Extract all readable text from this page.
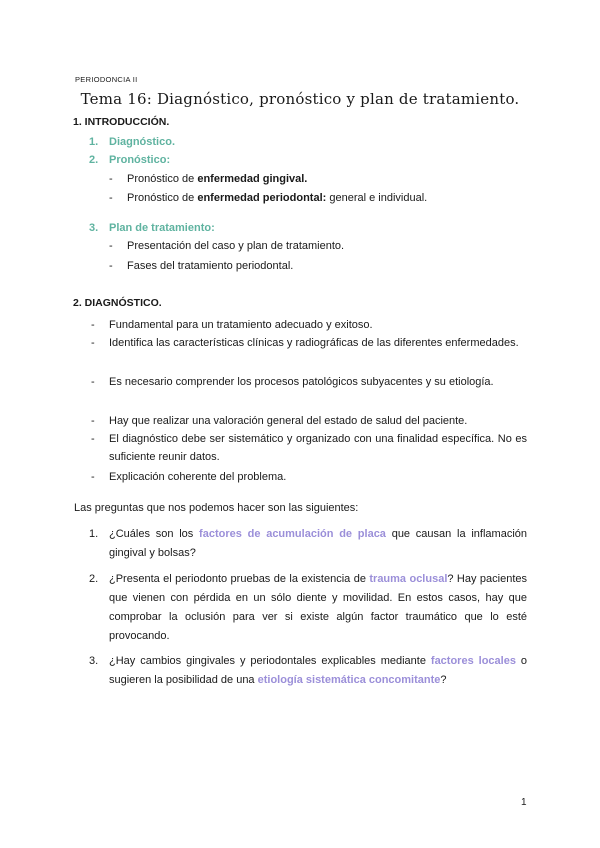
PERIODONCIA II
Tema 16: Diagnóstico, pronóstico y plan de tratamiento.
1. INTRODUCCIÓN.
1. Diagnóstico.
2. Pronóstico:
- Pronóstico de enfermedad gingival.
- Pronóstico de enfermedad periodontal: general e individual.
3. Plan de tratamiento:
- Presentación del caso y plan de tratamiento.
- Fases del tratamiento periodontal.
2. DIAGNÓSTICO.
- Fundamental para un tratamiento adecuado y exitoso.
- Identifica las características clínicas y radiográficas de las diferentes enfermedades.
- Es necesario comprender los procesos patológicos subyacentes y su etiología.
- Hay que realizar una valoración general del estado de salud del paciente.
- El diagnóstico debe ser sistemático y organizado con una finalidad específica. No es suficiente reunir datos.
- Explicación coherente del problema.
Las preguntas que nos podemos hacer son las siguientes:
1. ¿Cuáles son los factores de acumulación de placa que causan la inflamación gingival y bolsas?
2. ¿Presenta el periodonto pruebas de la existencia de trauma oclusal? Hay pacientes que vienen con pérdida en un sólo diente y movilidad. En estos casos, hay que comprobar la oclusión para ver si existe algún factor traumático que lo esté provocando.
3. ¿Hay cambios gingivales y periodontales explicables mediante factores locales o sugieren la posibilidad de una etiología sistemática concomitante?
1
